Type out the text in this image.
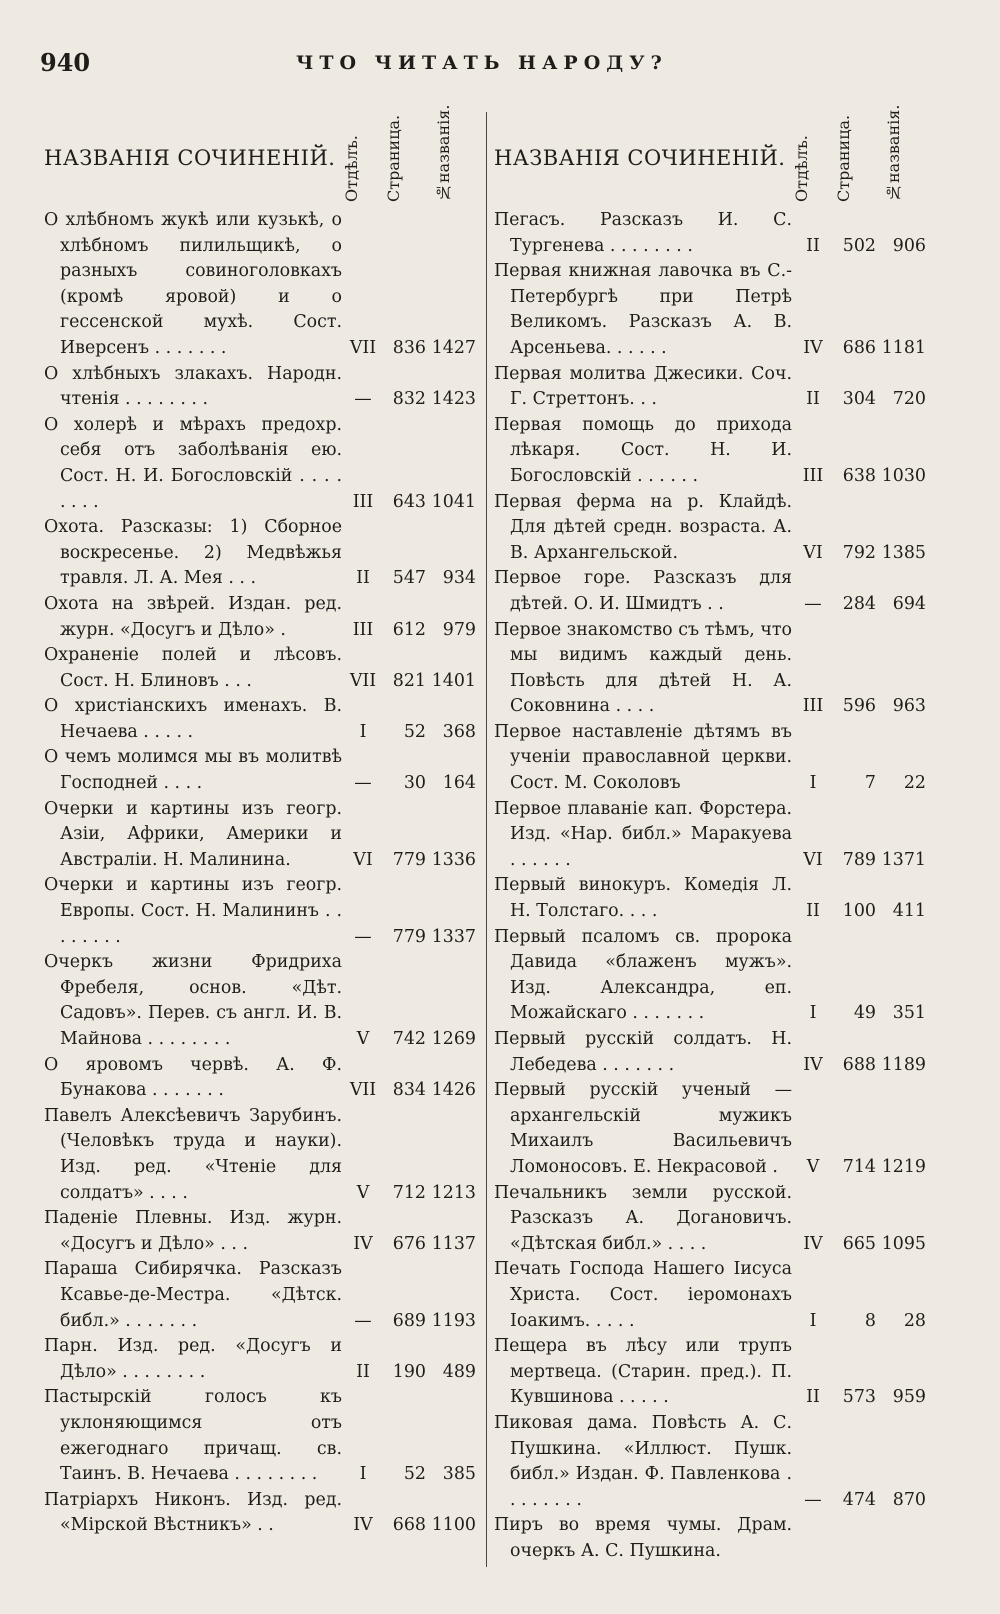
940	ЧТО ЧИТАТЬ НАРОДУ?
НАЗВАНІЯ СОЧИНЕНІЙ. Отдѣлъ. Страница. №названія.
О хлѣбномъ жукѣ или кузькѣ, о хлѣбномъ пилильщикѣ, о разныхъ совиноголовкахъ (кромѣ яровой) и о гессенской мухѣ. Сост. Иверсенъ . . . . . . .	VII 836 1427
О хлѣбныхъ злакахъ. Народн. чтенія . . . . . . . .	— 832 1423
О холерѣ и мѣрахъ предохр. себя отъ заболѣванія ею. Сост. Н. И. Богословскій . . . . . . . .	III 643 1041
Охота. Разсказы: 1) Сборное воскресенье. 2) Медвѣжья травля. Л. А. Мея . . .	II 547 934
Охота на звѣрей. Издан. ред. журн. «Досугъ и Дѣло» .	III 612 979
Охраненіе полей и лѣсовъ. Сост. Н. Блиновъ . . .	VII 821 1401
О христіанскихъ именахъ. В. Нечаева . . . . .	I 52 368
О чемъ молимся мы въ молитвѣ Господней . . . .	— 30 164
Очерки и картины изъ геогр. Азіи, Африки, Америки и Австраліи. Н. Малинина.	VI 779 1336
Очерки и картины изъ геогр. Европы. Сост. Н. Малининъ . . . . . . . .	— 779 1337
Очеркъ жизни Фридриха Фребеля, основ. «Дѣт. Садовъ». Перев. съ англ. И. В. Майнова . . . . . . . .	V 742 1269
О яровомъ червѣ. А. Ф. Бунакова . . . . . . .	VII 834 1426
Павелъ Алексѣевичъ Зарубинъ. (Человѣкъ труда и науки). Изд. ред. «Чтеніе для солдатъ» . . . .	V 712 1213
Паденіе Плевны. Изд. журн. «Досугъ и Дѣло» . . .	IV 676 1137
Параша Сибирячка. Разсказъ Ксавье-де-Местра. «Дѣтск. библ.» . . . . . . .	— 689 1193
Парн. Изд. ред. «Досугъ и Дѣло» . . . . . . . .	II 190 489
Пастырскій голосъ къ уклоняющимся отъ ежегоднаго причащ. св. Таинъ. В. Нечаева . . . . . . . .	I 52 385
Патріархъ Никонъ. Изд. ред. «Мірской Вѣстникъ» . .	IV 668 1100
НАЗВАНІЯ СОЧИНЕНІЙ. Отдѣлъ. Страница. №названія.
Пегасъ. Разсказъ И. С. Тургенева . . . . . . . .	II 502 906
Первая книжная лавочка въ С.-Петербургѣ при Петрѣ Великомъ. Разсказъ А. В. Арсеньева. . . . . .	IV 686 1181
Первая молитва Джесики. Соч. Г. Стреттонъ. . .	II 304 720
Первая помощь до прихода лѣкаря. Сост. Н. И. Богословскій . . . . . .	III 638 1030
Первая ферма на р. Клайдѣ. Для дѣтей средн. возраста. А. В. Архангельской.	VI 792 1385
Первое горе. Разсказъ для дѣтей. О. И. Шмидтъ . .	— 284 694
Первое знакомство съ тѣмъ, что мы видимъ каждый день. Повѣсть для дѣтей Н. А. Соковнина . . . .	III 596 963
Первое наставленіе дѣтямъ въ ученіи православной церкви. Сост. М. Соколовъ	I	7 22
Первое плаваніе кап. Форстера. Изд. «Нар. библ.» Маракуева . . . . . .	VI 789 1371
Первый винокуръ. Комедія Л. Н. Толстаго. . . .	II 100 411
Первый псаломъ св. пророка Давида «блаженъ мужъ». Изд. Александра, еп. Можайскаго . . . . . . .	I 49 351
Первый русскій солдатъ. Н. Лебедева . . . . . . .	IV 688 1189
Первый русскій ученый — архангельскій мужикъ Михаилъ Васильевичъ Ломоносовъ. Е. Некрасовой .	V 714 1219
Печальникъ земли русской. Разсказъ А. Догановичъ. «Дѣтская библ.» . . . .	IV 665 1095
Печать Господа Нашего Іисуса Христа. Сост. іеромонахъ Іоакимъ. . . . .	I	8 28
Пещера въ лѣсу или трупъ мертвеца. (Старин. пред.). П. Кувшинова . . . . .	II 573 959
Пиковая дама. Повѣсть А. С. Пушкина. «Иллюст. Пушк. библ.» Издан. Ф. Павленкова . . . . . . . .	— 474 870
Пиръ во время чумы. Драм. очеркъ А. С. Пушкина.
